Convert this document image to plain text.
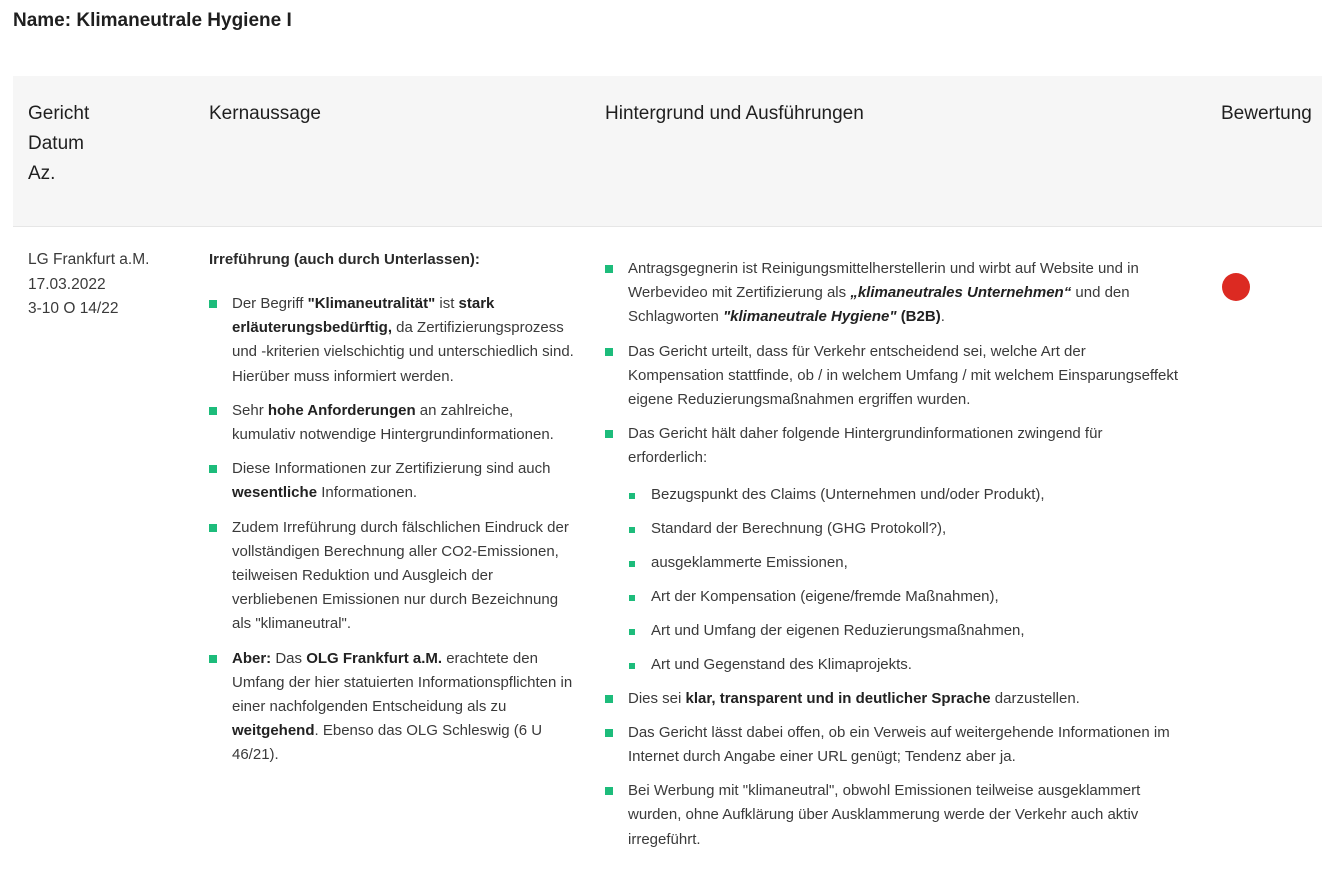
Name: Klimaneutrale Hygiene I
Gericht
Datum
Az.
Kernaussage	Hintergrund und Ausführungen	Bewertung
LG Frankfurt a.M.
17.03.2022
3-10 O 14/22

Irreführung (auch durch Unterlassen):

Der Begriff "Klimaneutralität" ist stark erläuterungsbedürftig, da Zertifizierungsprozess und -kriterien vielschichtig und unterschiedlich sind. Hierüber muss informiert werden.
Sehr hohe Anforderungen an zahlreiche, kumulativ notwendige Hintergrundinformationen.
Diese Informationen zur Zertifizierung sind auch wesentliche Informationen.
Zudem Irreführung durch fälschlichen Eindruck der vollständigen Berechnung aller CO2-Emissionen, teilweisen Reduktion und Ausgleich der verbliebenen Emissionen nur durch Bezeichnung als "klimaneutral".
Aber: Das OLG Frankfurt a.M. erachtete den Umfang der hier statuierten Informationspflichten in einer nachfolgenden Entscheidung als zu weitgehend. Ebenso das OLG Schleswig (6 U 46/21).
Antragsgegnerin ist Reinigungsmittelherstellerin und wirbt auf Website und in Werbevideo mit Zertifizierung als „klimaneutrales Unternehmen“ und den Schlagworten "klimaneutrale Hygiene" (B2B).
Das Gericht urteilt, dass für Verkehr entscheidend sei, welche Art der Kompensation stattfinde, ob / in welchem Umfang / mit welchem Einsparungseffekt eigene Reduzierungsmaßnahmen ergriffen wurden.
Das Gericht hält daher folgende Hintergrundinformationen zwingend für erforderlich:
Bezugspunkt des Claims (Unternehmen und/oder Produkt),
Standard der Berechnung (GHG Protokoll?),
ausgeklammerte Emissionen,
Art der Kompensation (eigene/fremde Maßnahmen),
Art und Umfang der eigenen Reduzierungsmaßnahmen,
Art und Gegenstand des Klimaprojekts.
Dies sei klar, transparent und in deutlicher Sprache darzustellen.
Das Gericht lässt dabei offen, ob ein Verweis auf weitergehende Informationen im Internet durch Angabe einer URL genügt; Tendenz aber ja.
Bei Werbung mit "klimaneutral", obwohl Emissionen teilweise ausgeklammert wurden, ohne Aufklärung über Ausklammerung werde der Verkehr auch aktiv irregeführt.
